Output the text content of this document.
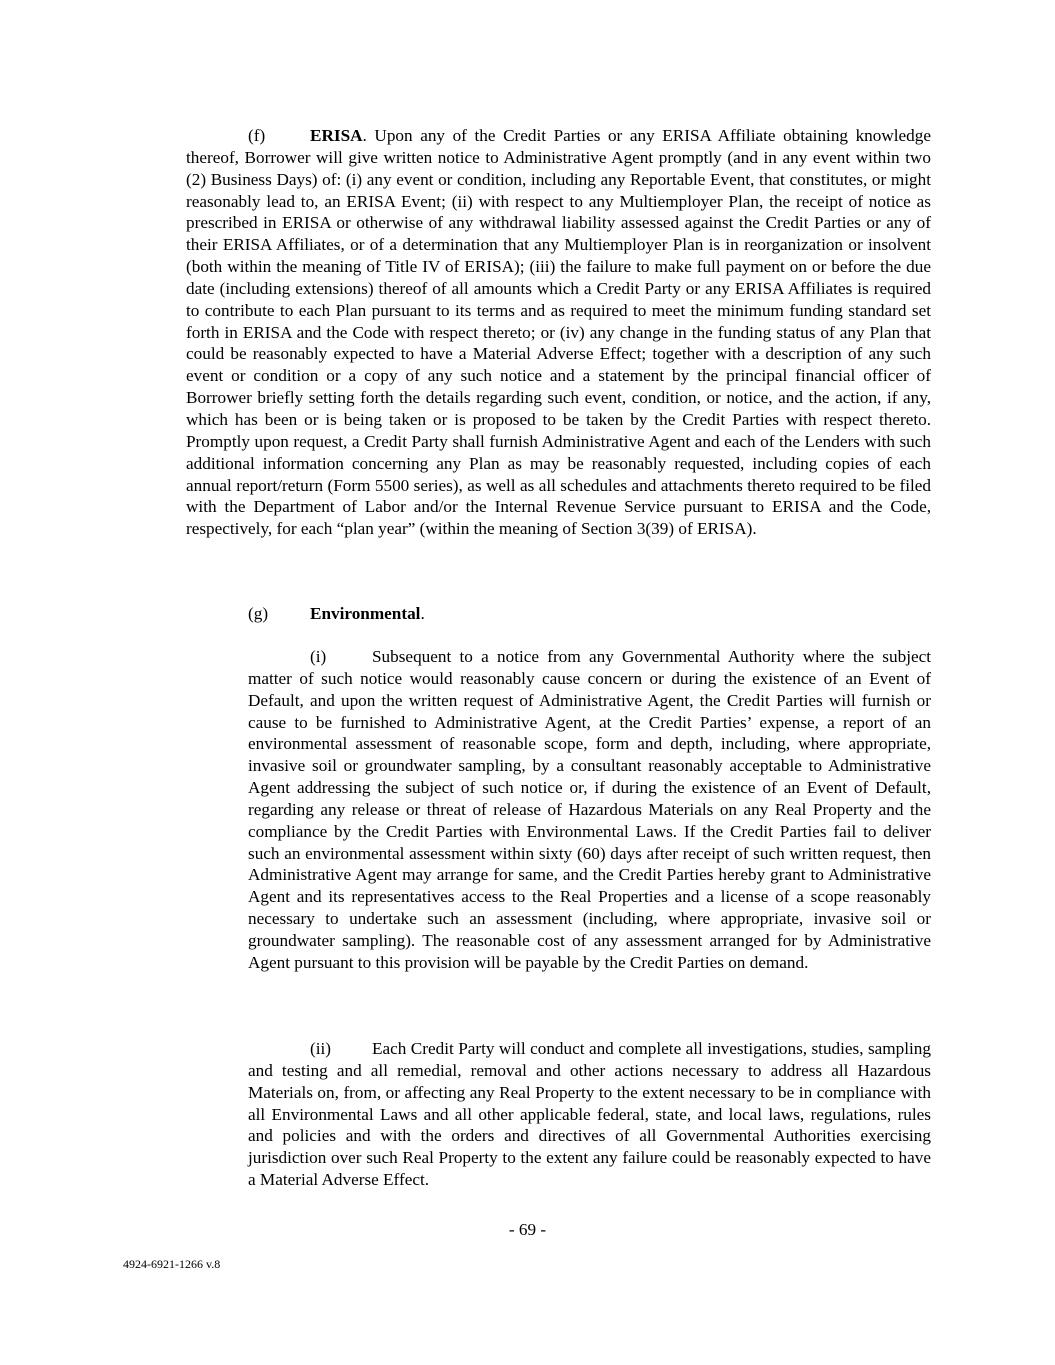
(f)	ERISA. Upon any of the Credit Parties or any ERISA Affiliate obtaining knowledge thereof, Borrower will give written notice to Administrative Agent promptly (and in any event within two (2) Business Days) of: (i) any event or condition, including any Reportable Event, that constitutes, or might reasonably lead to, an ERISA Event; (ii) with respect to any Multiemployer Plan, the receipt of notice as prescribed in ERISA or otherwise of any withdrawal liability assessed against the Credit Parties or any of their ERISA Affiliates, or of a determination that any Multiemployer Plan is in reorganization or insolvent (both within the meaning of Title IV of ERISA); (iii) the failure to make full payment on or before the due date (including extensions) thereof of all amounts which a Credit Party or any ERISA Affiliates is required to contribute to each Plan pursuant to its terms and as required to meet the minimum funding standard set forth in ERISA and the Code with respect thereto; or (iv) any change in the funding status of any Plan that could be reasonably expected to have a Material Adverse Effect; together with a description of any such event or condition or a copy of any such notice and a statement by the principal financial officer of Borrower briefly setting forth the details regarding such event, condition, or notice, and the action, if any, which has been or is being taken or is proposed to be taken by the Credit Parties with respect thereto. Promptly upon request, a Credit Party shall furnish Administrative Agent and each of the Lenders with such additional information concerning any Plan as may be reasonably requested, including copies of each annual report/return (Form 5500 series), as well as all schedules and attachments thereto required to be filed with the Department of Labor and/or the Internal Revenue Service pursuant to ERISA and the Code, respectively, for each “plan year” (within the meaning of Section 3(39) of ERISA).

(g) Environmental.

(i)	Subsequent to a notice from any Governmental Authority where the subject matter of such notice would reasonably cause concern or during the existence of an Event of Default, and upon the written request of Administrative Agent, the Credit Parties will furnish or cause to be furnished to Administrative Agent, at the Credit Parties’ expense, a report of an environmental assessment of reasonable scope, form and depth, including, where appropriate, invasive soil or groundwater sampling, by a consultant reasonably acceptable to Administrative Agent addressing the subject of such notice or, if during the existence of an Event of Default, regarding any release or threat of release of Hazardous Materials on any Real Property and the compliance by the Credit Parties with Environmental Laws. If the Credit Parties fail to deliver such an environmental assessment within sixty (60) days after receipt of such written request, then Administrative Agent may arrange for same, and the Credit Parties hereby grant to Administrative Agent and its representatives access to the Real Properties and a license of a scope reasonably necessary to undertake such an assessment (including, where appropriate, invasive soil or groundwater sampling). The reasonable cost of any assessment arranged for by Administrative Agent pursuant to this provision will be payable by the Credit Parties on demand.

(ii) Each Credit Party will conduct and complete all investigations, studies, sampling and testing and all remedial, removal and other actions necessary to address all Hazardous Materials on, from, or affecting any Real Property to the extent necessary to be in compliance with all Environmental Laws and all other applicable federal, state, and local laws, regulations, rules and policies and with the orders and directives of all Governmental Authorities exercising jurisdiction over such Real Property to the extent any failure could be reasonably expected to have a Material Adverse Effect.

- 69 -
4924-6921-1266 v.8
